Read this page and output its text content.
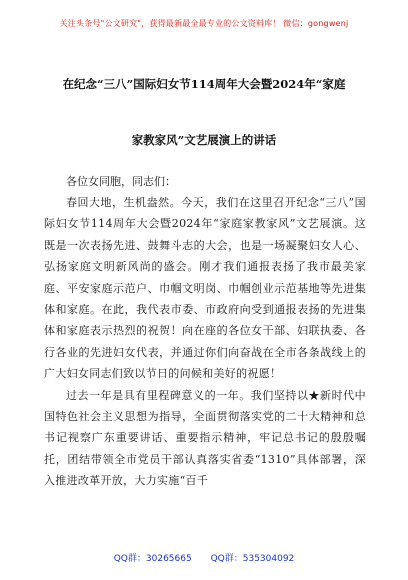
关注头条号"公文研究"，获得最新最全最专业的公文资料库！ 微信：gongwenj
在纪念“三八”国际妇女节114周年大会暨2024年“家庭
家教家风”文艺展演上的讲话

各位女同胞，同志们：

春回大地，生机盎然。今天，我们在这里召开纪念“三八”国际妇女节114周年大会暨2024年“家庭家教家风”文艺展演。这既是一次表扬先进、鼓舞斗志的大会，也是一场凝聚妇女人心、弘扬家庭文明新风尚的盛会。刚才我们通报表扬了我市最美家庭、平安家庭示范户、巾帼文明岗、巾帼创业示范基地等先进集体和家庭。在此，我代表市委、市政府向受到通报表扬的先进集体和家庭表示热烈的祝贺！向在座的各位女干部、妇联执委、各行各业的先进妇女代表，并通过你们向奋战在全市各条战线上的广大妇女同志们致以节日的问候和美好的祝愿！

过去一年是具有里程碑意义的一年。我们坚持以★新时代中国特色社会主义思想为指导，全面贯彻落实党的二十大精神和总书记视察广东重要讲话、重要指示精神，牢记总书记的殷殷嘱托，团结带领全市党员干部认真落实省委“1310”具体部署，深入推进改革开放，大力实施“百千

QQ群：30265665 QQ群：535304092
